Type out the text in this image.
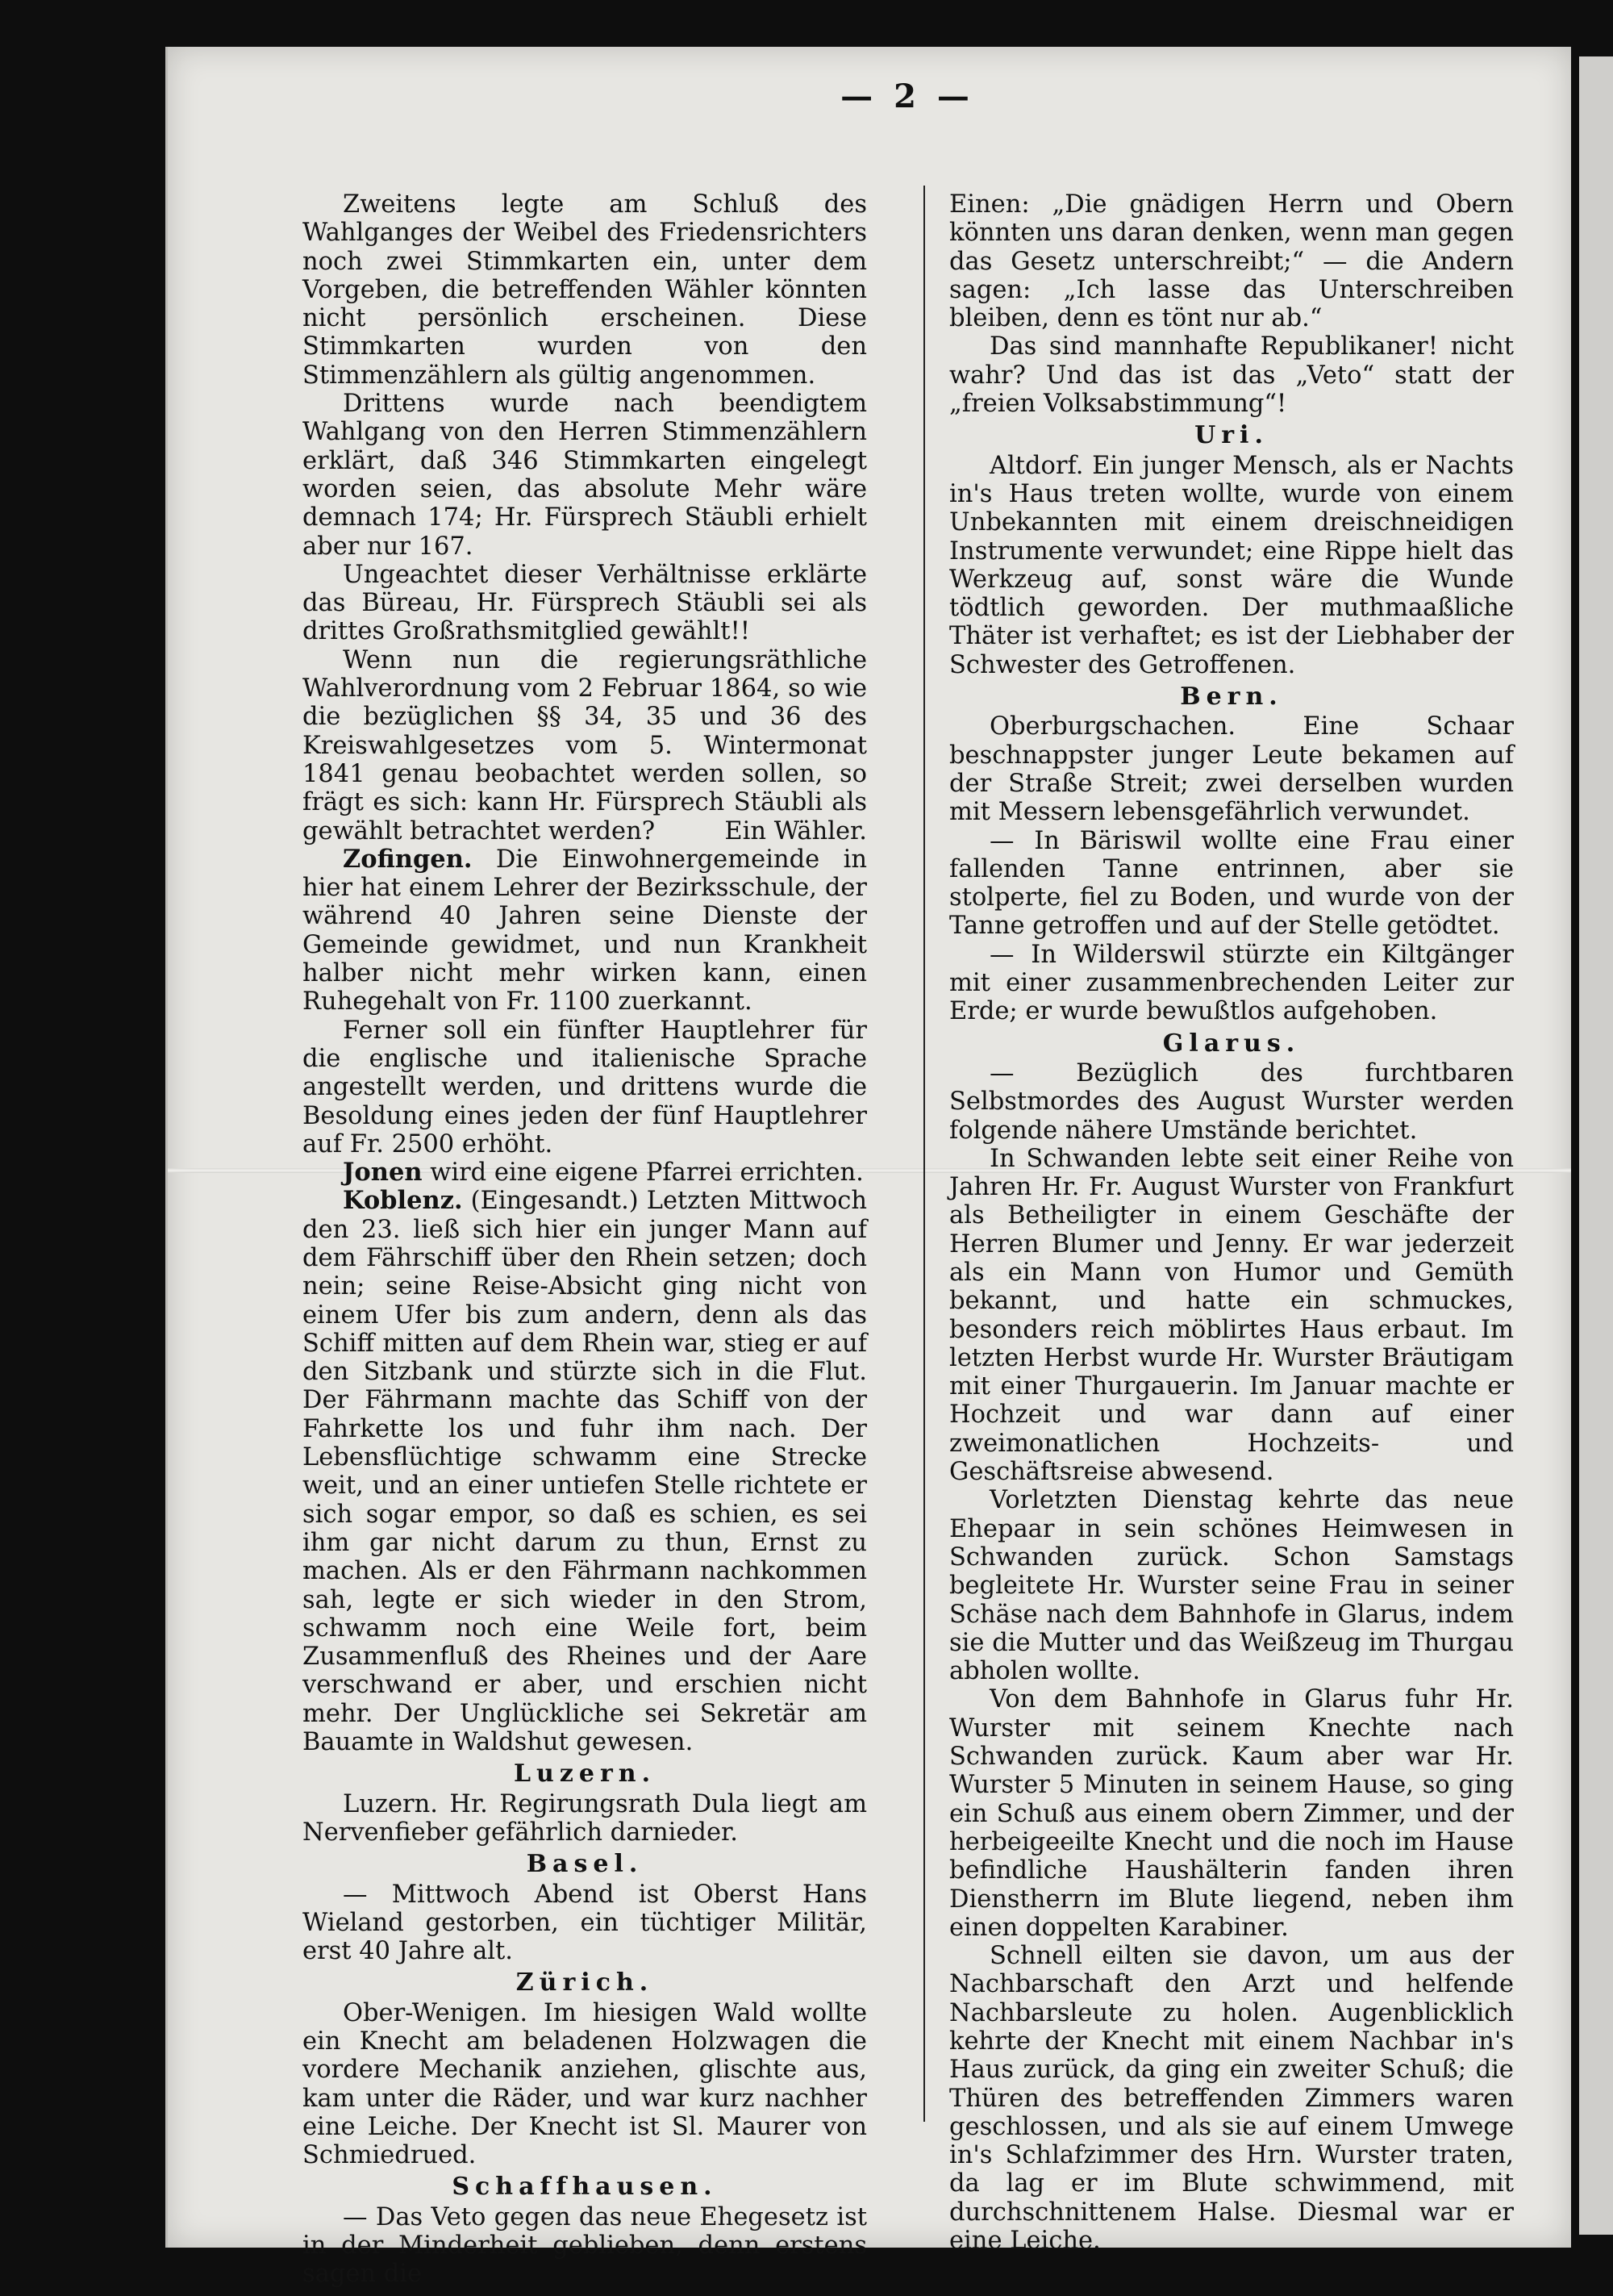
— 2 —

Zweitens legte am Schluß des Wahlganges der Weibel des Friedensrichters noch zwei Stimmkarten ein, unter dem Vorgeben, die betreffenden Wähler könnten nicht persönlich erscheinen. Diese Stimmkarten wurden von den Stimmenzählern als gültig angenommen.

Drittens wurde nach beendigtem Wahlgang von den Herren Stimmenzählern erklärt, daß 346 Stimmkarten eingelegt worden seien, das absolute Mehr wäre demnach 174; Hr. Fürsprech Stäubli erhielt aber nur 167.

Ungeachtet dieser Verhältnisse erklärte das Büreau, Hr. Fürsprech Stäubli sei als drittes Großrathsmitglied gewählt!!

Wenn nun die regierungsräthliche Wahlverordnung vom 2 Februar 1864, so wie die bezüglichen §§ 34, 35 und 36 des Kreiswahlgesetzes vom 5. Wintermonat 1841 genau beobachtet werden sollen, so frägt es sich: kann Hr. Fürsprech Stäubli als gewählt betrachtet werden?	Ein Wähler.

Zofingen. Die Einwohnergemeinde in hier hat einem Lehrer der Bezirksschule, der während 40 Jahren seine Dienste der Gemeinde gewidmet, und nun Krankheit halber nicht mehr wirken kann, einen Ruhegehalt von Fr. 1100 zuerkannt.

Ferner soll ein fünfter Hauptlehrer für die englische und italienische Sprache angestellt werden, und drittens wurde die Besoldung eines jeden der fünf Hauptlehrer auf Fr. 2500 erhöht.

Jonen wird eine eigene Pfarrei errichten.

Koblenz. (Eingesandt.) Letzten Mittwoch den 23. ließ sich hier ein junger Mann auf dem Fährschiff über den Rhein setzen; doch nein; seine Reise-Absicht ging nicht von einem Ufer bis zum andern, denn als das Schiff mitten auf dem Rhein war, stieg er auf den Sitzbank und stürzte sich in die Flut. Der Fährmann machte das Schiff von der Fahrkette los und fuhr ihm nach. Der Lebensflüchtige schwamm eine Strecke weit, und an einer untiefen Stelle richtete er sich sogar empor, so daß es schien, es sei ihm gar nicht darum zu thun, Ernst zu machen. Als er den Fährmann nachkommen sah, legte er sich wieder in den Strom, schwamm noch eine Weile fort, beim Zusammenfluß des Rheines und der Aare verschwand er aber, und erschien nicht mehr. Der Unglückliche sei Sekretär am Bauamte in Waldshut gewesen.

Luzern.

Luzern. Hr. Regirungsrath Dula liegt am Nervenfieber gefährlich darnieder.

Basel.

— Mittwoch Abend ist Oberst Hans Wieland gestorben, ein tüchtiger Militär, erst 40 Jahre alt.

Zürich.

Ober-Wenigen. Im hiesigen Wald wollte ein Knecht am beladenen Holzwagen die vordere Mechanik anziehen, glischte aus, kam unter die Räder, und war kurz nachher eine Leiche. Der Knecht ist Sl. Maurer von Schmiedrued.

Schaffhausen.

— Das Veto gegen das neue Ehegesetz ist in der Minderheit geblieben, denn erstens sagen die

Einen: „Die gnädigen Herrn und Obern könnten uns daran denken, wenn man gegen das Gesetz unterschreibt;“ — die Andern sagen: „Ich lasse das Unterschreiben bleiben, denn es tönt nur ab.“

Das sind mannhafte Republikaner! nicht wahr? Und das ist das „Veto“ statt der „freien Volksabstimmung“!

Uri.

Altdorf. Ein junger Mensch, als er Nachts in's Haus treten wollte, wurde von einem Unbekannten mit einem dreischneidigen Instrumente verwundet; eine Rippe hielt das Werkzeug auf, sonst wäre die Wunde tödtlich geworden. Der muthmaaßliche Thäter ist verhaftet; es ist der Liebhaber der Schwester des Getroffenen.

Bern.

Oberburgschachen. Eine Schaar beschnappster junger Leute bekamen auf der Straße Streit; zwei derselben wurden mit Messern lebensgefährlich verwundet.

— In Bäriswil wollte eine Frau einer fallenden Tanne entrinnen, aber sie stolperte, fiel zu Boden, und wurde von der Tanne getroffen und auf der Stelle getödtet.

— In Wilderswil stürzte ein Kiltgänger mit einer zusammenbrechenden Leiter zur Erde; er wurde bewußtlos aufgehoben.

Glarus.

— Bezüglich des furchtbaren Selbstmordes des August Wurster werden folgende nähere Umstände berichtet.

In Schwanden lebte seit einer Reihe von Jahren Hr. Fr. August Wurster von Frankfurt als Betheiligter in einem Geschäfte der Herren Blumer und Jenny. Er war jederzeit als ein Mann von Humor und Gemüth bekannt, und hatte ein schmuckes, besonders reich möblirtes Haus erbaut. Im letzten Herbst wurde Hr. Wurster Bräutigam mit einer Thurgauerin. Im Januar machte er Hochzeit und war dann auf einer zweimonatlichen Hochzeits- und Geschäftsreise abwesend.

Vorletzten Dienstag kehrte das neue Ehepaar in sein schönes Heimwesen in Schwanden zurück. Schon Samstags begleitete Hr. Wurster seine Frau in seiner Schäse nach dem Bahnhofe in Glarus, indem sie die Mutter und das Weißzeug im Thurgau abholen wollte.

Von dem Bahnhofe in Glarus fuhr Hr. Wurster mit seinem Knechte nach Schwanden zurück. Kaum aber war Hr. Wurster 5 Minuten in seinem Hause, so ging ein Schuß aus einem obern Zimmer, und der herbeigeeilte Knecht und die noch im Hause befindliche Haushälterin fanden ihren Dienstherrn im Blute liegend, neben ihm einen doppelten Karabiner.

Schnell eilten sie davon, um aus der Nachbarschaft den Arzt und helfende Nachbarsleute zu holen. Augenblicklich kehrte der Knecht mit einem Nachbar in's Haus zurück, da ging ein zweiter Schuß; die Thüren des betreffenden Zimmers waren geschlossen, und als sie auf einem Umwege in's Schlafzimmer des Hrn. Wurster traten, da lag er im Blute schwimmend, mit durchschnittenem Halse. Diesmal war er eine Leiche.
